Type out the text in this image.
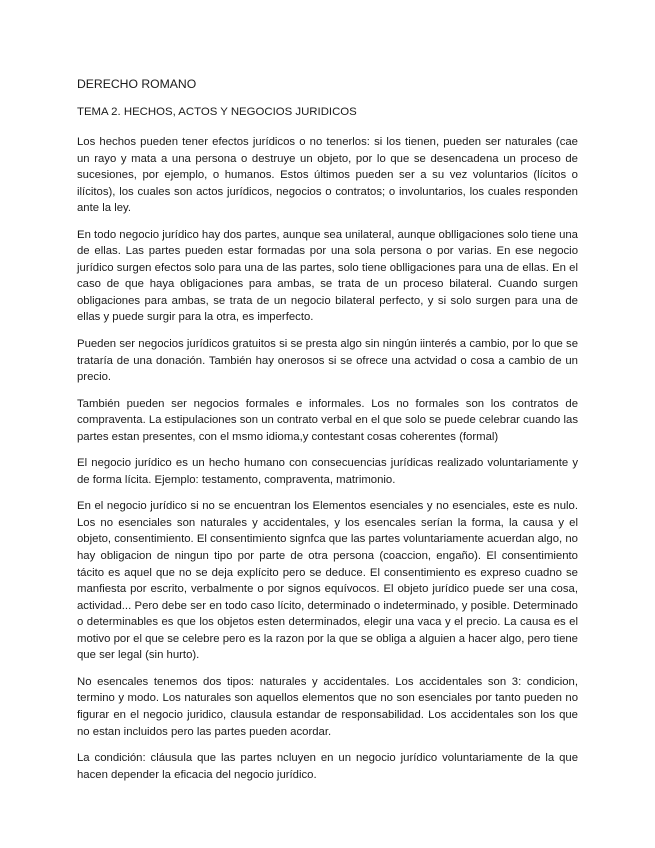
DERECHO ROMANO
TEMA 2. HECHOS, ACTOS Y NEGOCIOS JURIDICOS

Los hechos pueden tener efectos jurídicos o no tenerlos: si los tienen, pueden ser naturales (cae un rayo y mata a una persona o destruye un objeto, por lo que se desencadena un proceso de sucesiones, por ejemplo, o humanos. Estos últimos pueden ser a su vez voluntarios (lícitos o ilícitos), los cuales son actos jurídicos, negocios o contratos; o involuntarios, los cuales responden ante la ley.

En todo negocio jurídico hay dos partes, aunque sea unilateral, aunque oblligaciones solo tiene una de ellas. Las partes pueden estar formadas por una sola persona o por varias. En ese negocio jurídico surgen efectos solo para una de las partes, solo tiene oblligaciones para una de ellas. En el caso de que haya obligaciones para ambas, se trata de un proceso bilateral. Cuando surgen obligaciones para ambas, se trata de un negocio bilateral perfecto, y si solo surgen para una de ellas y puede surgir para la otra, es imperfecto.

Pueden ser negocios jurídicos gratuitos si se presta algo sin ningún iinterés a cambio, por lo que se trataría de una donación. También hay onerosos si se ofrece una actvidad o cosa a cambio de un precio.

También pueden ser negocios formales e informales. Los no formales son los contratos de compraventa. La estipulaciones son un contrato verbal en el que solo se puede celebrar cuando las partes estan presentes, con el msmo idioma,y contestant cosas coherentes (formal)

El negocio jurídico es un hecho humano con consecuencias jurídicas realizado voluntariamente y de forma lícita. Ejemplo: testamento, compraventa, matrimonio.

En el negocio jurídico si no se encuentran los Elementos esenciales y no esenciales, este es nulo. Los no esenciales son naturales y accidentales, y los esencales serían la forma, la causa y el objeto, consentimiento. El consentimiento signfca que las partes voluntariamente acuerdan algo, no hay obligacion de ningun tipo por parte de otra persona (coaccion, engaño). El consentimiento tácito es aquel que no se deja explícito pero se deduce. El consentimiento es expreso cuadno se manfiesta por escrito, verbalmente o por signos equívocos. El objeto jurídico puede ser una cosa, actividad... Pero debe ser en todo caso lícito, determinado o indeterminado, y posible. Determinado o determinables es que los objetos esten determinados, elegir una vaca y el precio. La causa es el motivo por el que se celebre pero es la razon por la que se obliga a alguien a hacer algo, pero tiene que ser legal (sin hurto).

No esencales tenemos dos tipos: naturales y accidentales. Los accidentales son 3: condicion, termino y modo. Los naturales son aquellos elementos que no son esenciales por tanto pueden no figurar en el negocio juridico, clausula estandar de responsabilidad. Los accidentales son los que no estan incluidos pero las partes pueden acordar.

La condición: cláusula que las partes ncluyen en un negocio jurídico voluntariamente de la que hacen depender la eficacia del negocio jurídico.
